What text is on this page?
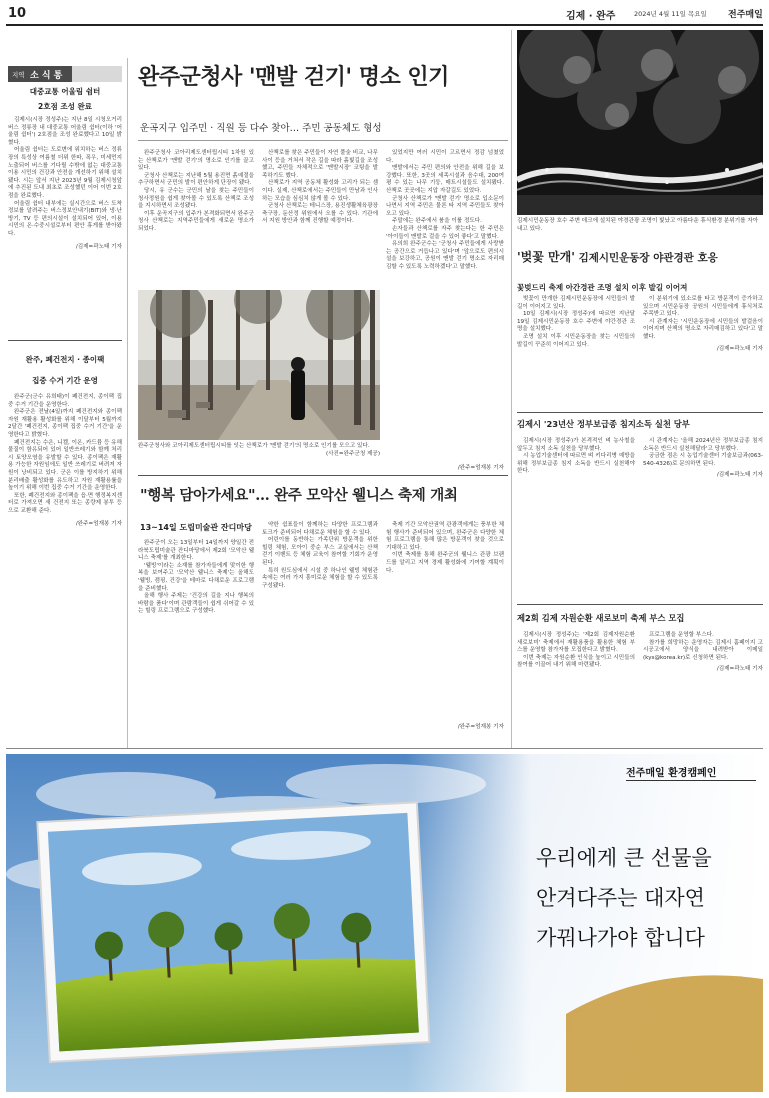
10	김제 · 완주	2024년 4월 11일 목요일 전주매일
지역 소 식 통
대중교통 어울림 쉼터
2호점 조성 완료

김제시(시장 정성주)는 지난 8일 시청오거리 버스 정류장 내 대중교통 어울림 쉼터(이하 '어울림 쉼터') 2호점을 조성 완료했다고 10일 밝혔다.

어울림 쉼터는 도로변에 위치하는 버스 정류장의 특성상 여름철 더위 한파, 폭우, 미세먼지 노출되어 버스를 기다릴 수밖에 없는 대중교통 이용 시민의 건강과 안전을 개선하기 위해 설치됐다. 시는 앞서 지난 2023년 9월 김제시청앞에 추진된 도내 최초로 조성했던 이어 이번 2호점을 완료했다.

어울림 쉼터 내부에는 실시간으로 버스 도착 정보를 알려주는 버스정보안내기(BIT)와 냉·난방기, TV 등 편의시설이 설치되어 있어, 이용 시민의 온·수중시설로부터 편안 휴게를 받아왔다.

/김제=곽노태 기자
완주, 폐건전지 · 종이팩
집중 수거 기간 운영

완주군(군수 유희태)이 폐건전지, 종이팩 집중 수거 기간을 운영한다.

완주군은 전날(4일)까지 폐건전지와 종이팩 자원 재활용 활성화를 위해 이달부터 5월까지 2달간 '폐건전지, 종이팩 집중 수거 기간'을 운영한다고 밝혔다.

폐건전지는 수은, 니켈, 이온, 카드뮴 등 유해 물질이 함유되어 있어 일반쓰레기와 함께 처리 시 토양오염을 유발할 수 있다. 종이팩은 재활용 가능한 자원임에도 일반 쓰레기로 버려져 자원이 낭비되고 있다. 군은 이를 방지하기 위해 분리배출 활성화를 유도하고 자원 재활용률을 높이기 위해 이번 집중 수거 기간을 운영한다.

또한, 폐건전지와 종이팩을 읍·면 행정복지센터로 가져오면 새 건전지 또는 종량제 봉투 등으로 교환해 준다.

/완주=엄재봉 기자
완주군청사 '맨발 걷기' 명소 인기
운곡지구 입주민 · 직원 등 다수 찾아… 주민 공동체도 형성

완주군청사 코아리제도센터립시티 1차원 있는 산책로가 '맨발 걷기'의 명소로 인기를 끌고 있다.

군청사 산책로는 지난해 5월 용진면 흙예절을 추구하면서 군민의 발이 편안하게 단장이 됐다.

당시, 유 군수는 군민의 날을 찾는 주민들이 청사정원을 쉽게 찾아볼 수 있도록 산책로 조성을 지시하면서 조성됐다.

이후 운곡지구의 입주가 본격화되면서 완주군청사 산책로는 지역주민들에게 새로운 명소가 되었다.

산책로를 찾은 주민들이 자연 풀숲 비교, 나무사이 등을 거쳐서 작은 길을 따라 흙빛길을 조성했고, 주민들 자체적으로 '맨발시장' 코팅을 발족하기도 했다.

산책로가 지역 공동체 활성화 고리가 되는 셈이다. 실제, 산책로에서는 주민들이 만남과 인사하는 모습을 심심치 않게 볼 수 있다.

군청사 산책로는 테니스장, 용진생활체육광장 축구장, 둔산정 위원에서 오를 수 있다. 기관에서 지원 방안과 함께 진행할 예정이다.

있었지만 여러 시민이 고르면서 정감 넘쳤었다.

맨발에서는 주민 편의와 안전을 위해 길을 보강했다. 또한, 3곳의 세족시설과 음수대, 200여 평 수 있는 나무 기둥, 매트시설들도 설치됐다. 산책로 곳곳에는 지압 자갈길도 있었다.

군청사 산책로가 '맨발 걷기' 명소로 입소문이 나면서 지역 주민은 물론 타 지역 주민들도 찾아오고 있다.

주말에는 완주에서 붐을 이룰 정도다.

손자들과 산책로를 자주 찾는다는 한 주민은 '아이들이 맨발로 걸을 수 있어 좋다'고 말했다.

유의희 완주군수는 '군청사 주민들에게 사랑받는 공간으로 거듭나고 있다'며 '앞으로도 편의시설을 보강하고, 공원이 맨발 걷기 명소로 자리매김할 수 있도록 노력하겠다'고 말했다.

완주군청사와 코아리제도센터립시티를 잇는 산책로가 '맨발 걷기'의 명소로 인기를 모으고 있다.
(사진=완주군청 제공)
/완주=엄재봉 기자
"행복 담아가세요"… 완주 모악산 웰니스 축제 개최
13~14일 도립미술관 잔디마당

완주군이 오는 13일부터 14일까지 양일간 전라북도립미술관 잔디마당에서 제2회 '모악산 웰니스 축제'를 개최한다.

'웰빙'이라는 소재를 참가자들에게 맞이한 행복을 보여주고 '모악산 웰니스 축제'는 올해도 '웰빙, 캠핑, 건강'을 테마로 다채로운 프로그램을 준비했다.

올해 행사 주제는 '건강의 길을 지나 행복의 바람을 품다'이며 관람객들이 쉽게 쉬어갈 수 있는 힐링 프로그램으로 구성했다.

약한 쉼표들이 함께하는 다양한 프로그램과 토크가 준비되어 다채로운 체험을 할 수 있다.

어린이를 동반하는 가족단위 방문객을 위한 힐링 체험, 모아이 중순 부스 교실에서는 산책 걷기 이벤트 등 체험 교육이 참여할 기회가 운영된다.

특히 원도심에서 시설 중 하나인 웰빙 체험관 속에는 여러 가지 흥미로운 체험을 할 수 있도록 구성됐다.

축제 기간 모악산권역 관광객에게는 풍부한 체험 행사가 준비되어 있으며, 완주군은 다양한 체험 프로그램을 통해 많은 방문객이 찾을 것으로 기대하고 있다.

이번 축제를 통해 완주군의 웰니스 관광 브랜드를 알리고 지역 경제 활성화에 기여할 계획이다.

/완주=엄재봉 기자
김제시민운동장 호수 주변 데크에 설치된 야경관광 조명이 빛났고 아름다운 휴식환경 분위기를 자아내고 있다.
'벚꽃 만개' 김제시민운동장 야관경관 호응
꽃벚드리 축제 아간경관 조명 설치 이후 발길 이어져

벚꽃이 만개한 김제시민운동장에 시민들의 발길이 이어지고 있다.

10일 김제시(시장 정성주)에 따르면 지난달 19일 김제시민운동장 호수 주변에 야간경관 조명을 설치했다.

조명 설치 이후 시민운동장을 찾는 시민들의 발길이 꾸준히 이어지고 있다.

이 분위기에 있소로를 타고 방문객이 증가하고 있으며 시민운동장 공원의 시민들에게 휴식처로 주목받고 있다.

시 관계자는 '시민운동장에 시민들의 발걸음이 이어지며 산책의 명소로 자리매김하고 있다'고 말했다.

/김제=곽노태 기자
김제시 '23년산 정부보급종 침지소독 실천 당부

김제시(시장 정성주)가 본격적인 벼 농사철을 앞두고 침지 소독 실천을 당부했다.

시 농업기술센터에 따르면 벼 키다리병 예방을 위해 정부보급종 침지 소독을 반드시 실천해야 한다.

시 관계자는 '올해 2024년산 정부보급종 침지소독은 반드시 실천해달라'고 당부했다.

궁금한 점은 시 농업기술센터 기술보급과(063-540-4326)로 문의하면 된다.

/김제=곽노태 기자
제2회 김제 자원순환 새로보미 축제 부스 모집

김제시(시장 정성주)는 '제2회 김제자원순환 새로보미' 축제에서 재활용품을 활용한 체험 부스를 운영할 참가자를 모집한다고 밝혔다.

이번 축제는 자원순환 인식을 높이고 시민들의 참여를 이끌어 내기 위해 마련됐다.

프로그램을 운영할 부스다.

참가를 희망하는 운영자는 김제시 홈페이지 고시공고에서 양식을 내려받아 이메일(kys@korea.kr)로 신청하면 된다.

/김제=곽노태 기자
전주매일 환경캠페인
우리에게 큰 선물을
안겨다주는 대자연
가꿔나가야 합니다
